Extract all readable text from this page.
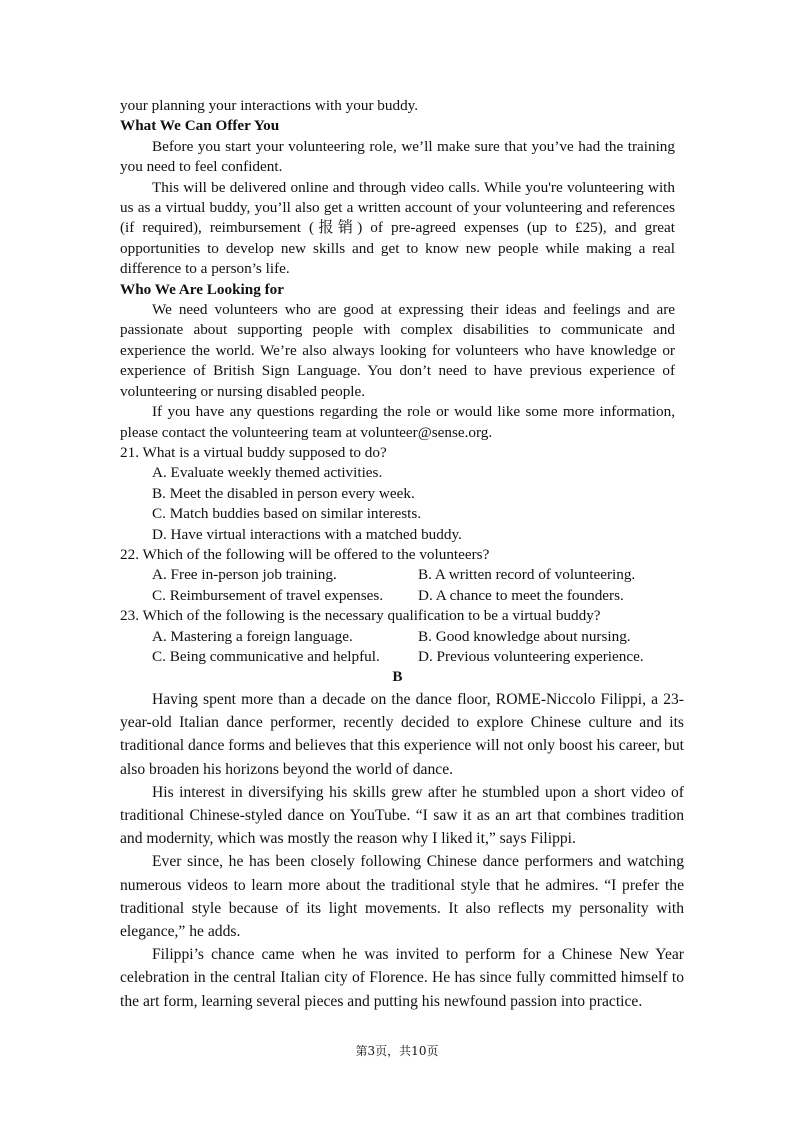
your planning your interactions with your buddy.

What We Can Offer You

Before you start your volunteering role, we’ll make sure that you’ve had the training you need to feel confident.

This will be delivered online and through video calls. While you're volunteering with us as a virtual buddy, you’ll also get a written account of your volunteering and references (if required), reimbursement (报销) of pre-agreed expenses (up to £25), and great opportunities to develop new skills and get to know new people while making a real difference to a person’s life.

Who We Are Looking for

We need volunteers who are good at expressing their ideas and feelings and are passionate about supporting people with complex disabilities to communicate and experience the world. We’re also always looking for volunteers who have knowledge or experience of British Sign Language. You don’t need to have previous experience of volunteering or nursing disabled people.

If you have any questions regarding the role or would like some more information, please contact the volunteering team at volunteer@sense.org.

21. What is a virtual buddy supposed to do?

A. Evaluate weekly themed activities.

B. Meet the disabled in person every week.

C. Match buddies based on similar interests.

D. Have virtual interactions with a matched buddy.

22. Which of the following will be offered to the volunteers?

A. Free in-person job training.	B. A written record of volunteering.
C. Reimbursement of travel expenses.	D. A chance to meet the founders.

23. Which of the following is the necessary qualification to be a virtual buddy?

A. Mastering a foreign language.	B. Good knowledge about nursing.
C. Being communicative and helpful.	D. Previous volunteering experience.

B

Having spent more than a decade on the dance floor, ROME-Niccolo Filippi, a 23-year-old Italian dance performer, recently decided to explore Chinese culture and its traditional dance forms and believes that this experience will not only boost his career, but also broaden his horizons beyond the world of dance.

His interest in diversifying his skills grew after he stumbled upon a short video of traditional Chinese-styled dance on YouTube. “I saw it as an art that combines tradition and modernity, which was mostly the reason why I liked it,” says Filippi.

Ever since, he has been closely following Chinese dance performers and watching numerous videos to learn more about the traditional style that he admires. “I prefer the traditional style because of its light movements. It also reflects my personality with elegance,” he adds.

Filippi’s chance came when he was invited to perform for a Chinese New Year celebration in the central Italian city of Florence. He has since fully committed himself to the art form, learning several pieces and putting his newfound passion into practice.

第3页，共10页
